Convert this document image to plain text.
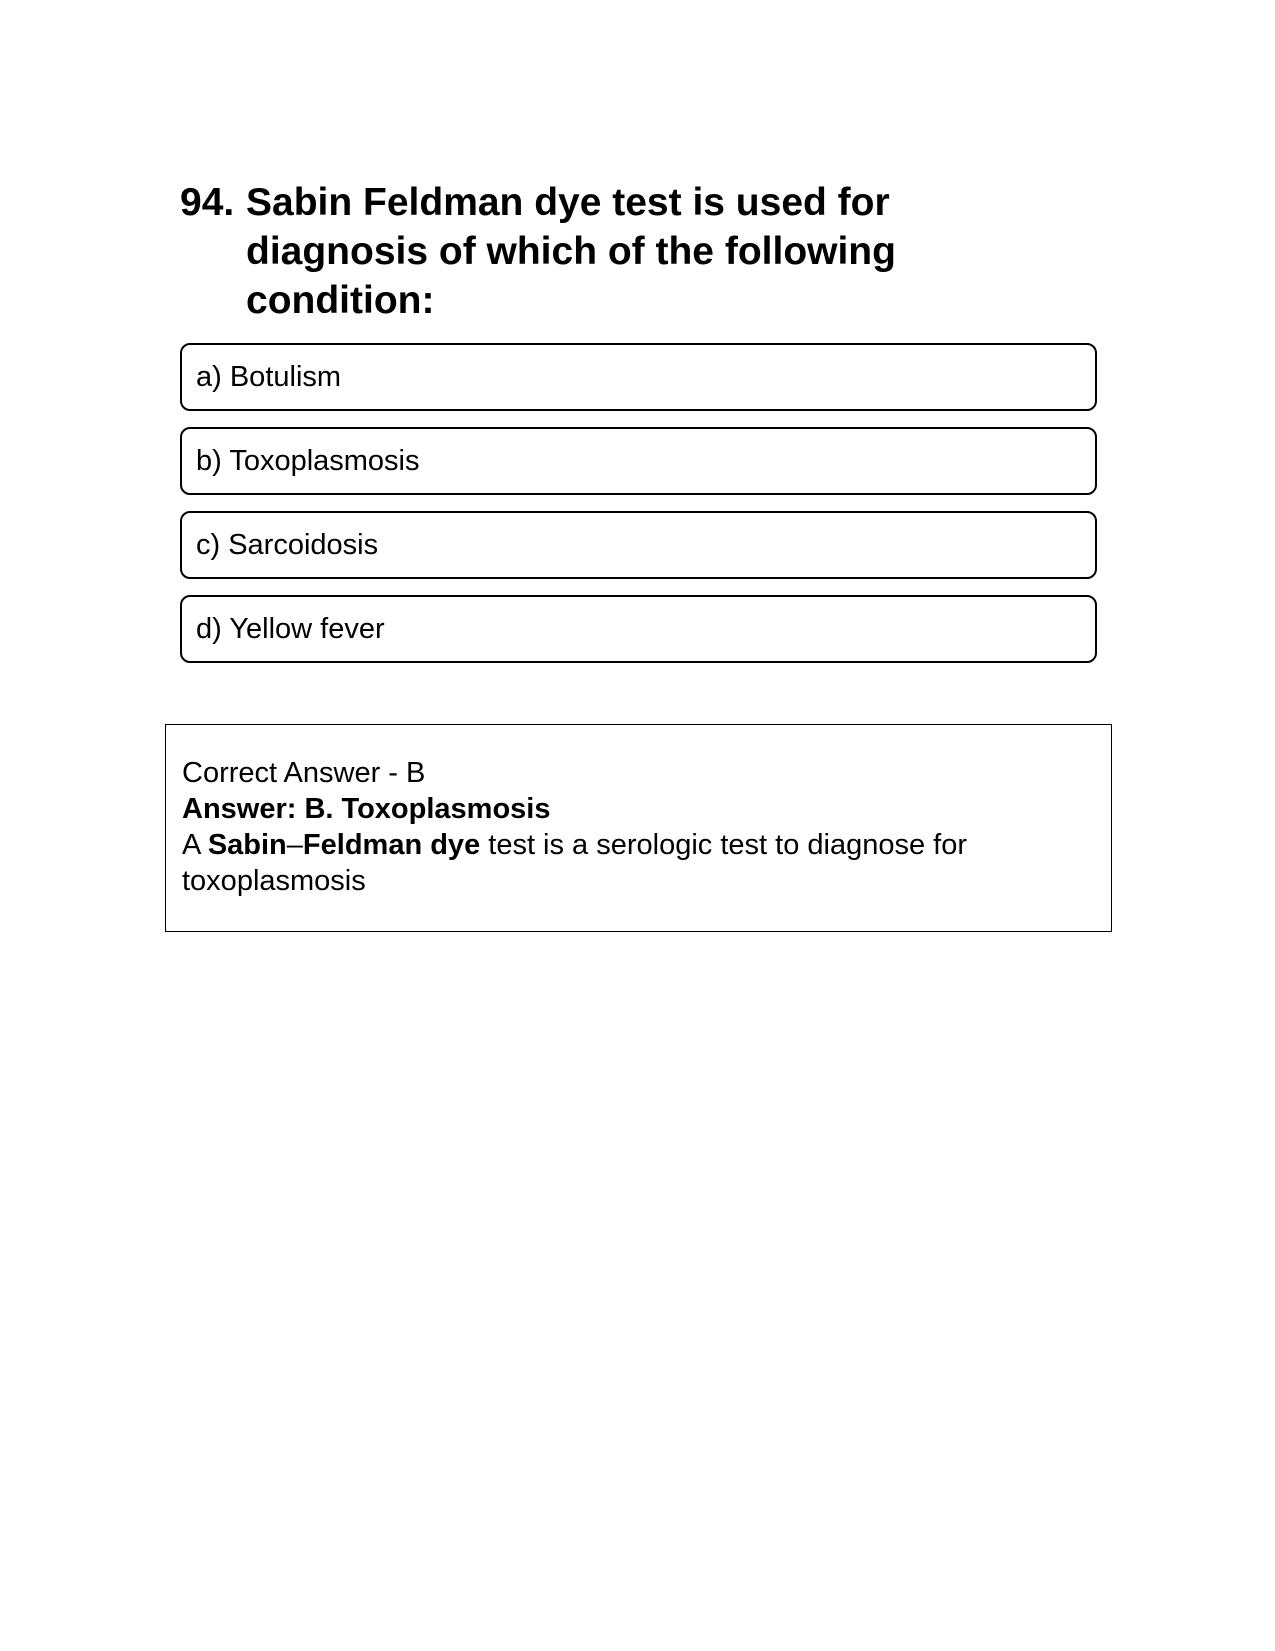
94. Sabin Feldman dye test is used for diagnosis of which of the following condition:
a) Botulism
b) Toxoplasmosis
c) Sarcoidosis
d) Yellow fever

Correct Answer - B

Answer: B. Toxoplasmosis

A Sabin–Feldman dye test is a serologic test to diagnose for toxoplasmosis
